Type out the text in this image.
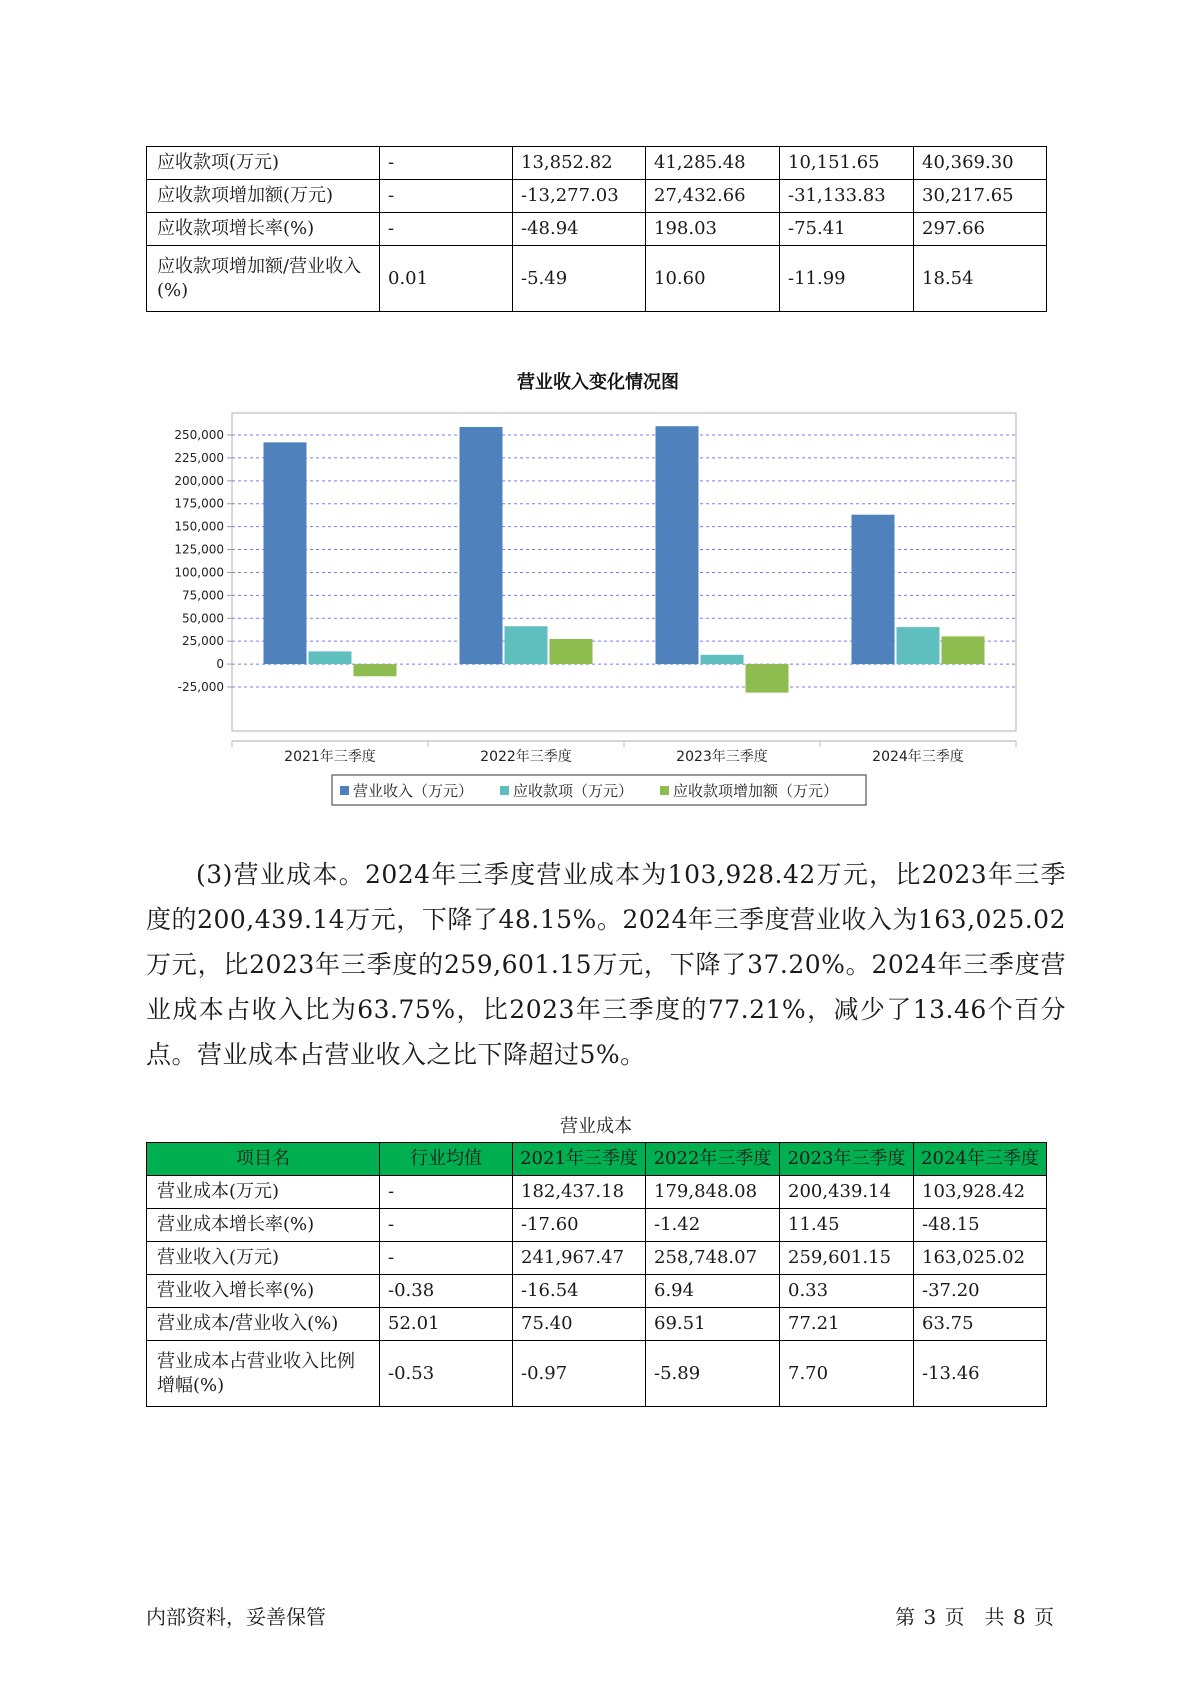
应收款项(万元)	-	13,852.82	41,285.48	10,151.65	40,369.30
应收款项增加额(万元)	-	-13,277.03	27,432.66	-31,133.83	30,217.65
应收款项增长率(%)	-	-48.94	198.03	-75.41	297.66
应收款项增加额/营业收入(%)	0.01	-5.49	10.60	-11.99	18.54
营业收入变化情况图
250,000
225,000
200,000
175,000
150,000
125,000
100,000
75,000
50,000
25,000
0
-25,000
2021年三季度	2022年三季度	2023年三季度	2024年三季度
营业收入（万元）	应收款项（万元）	应收款项增加额（万元）

(3)营业成本。2024年三季度营业成本为103,928.42万元，比2023年三季度的200,439.14万元，下降了48.15%。2024年三季度营业收入为163,025.02万元，比2023年三季度的259,601.15万元，下降了37.20%。2024年三季度营业成本占收入比为63.75%，比2023年三季度的77.21%，减少了13.46个百分点。营业成本占营业收入之比下降超过5%。

营业成本
项目名	行业均值	2021年三季度	2022年三季度	2023年三季度	2024年三季度
营业成本(万元)	-	182,437.18	179,848.08	200,439.14	103,928.42
营业成本增长率(%)	-	-17.60	-1.42	11.45	-48.15
营业收入(万元)	-	241,967.47	258,748.07	259,601.15	163,025.02
营业收入增长率(%)	-0.38	-16.54	6.94	0.33	-37.20
营业成本/营业收入(%)	52.01	75.40	69.51	77.21	63.75
营业成本占营业收入比例增幅(%)	-0.53	-0.97	-5.89	7.70	-13.46
内部资料，妥善保管	第 3 页　共 8 页
